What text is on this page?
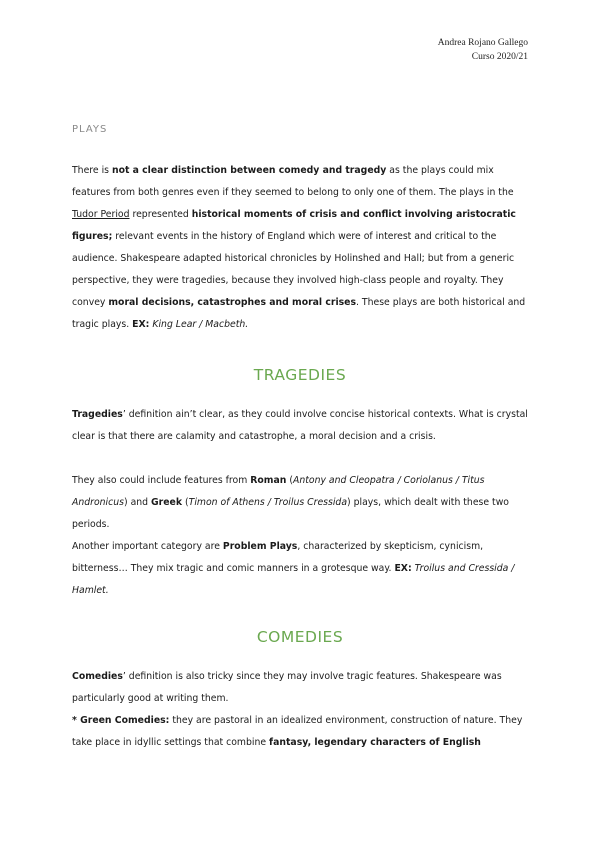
Andrea Rojano Gallego
Curso 2020/21
PLAYS
There is not a clear distinction between comedy and tragedy as the plays could mix features from both genres even if they seemed to belong to only one of them. The plays in the Tudor Period represented historical moments of crisis and conflict involving aristocratic figures; relevant events in the history of England which were of interest and critical to the audience. Shakespeare adapted historical chronicles by Holinshed and Hall; but from a generic perspective, they were tragedies, because they involved high-class people and royalty. They convey moral decisions, catastrophes and moral crises. These plays are both historical and tragic plays. EX: King Lear / Macbeth.
TRAGEDIES
Tragedies’ definition ain’t clear, as they could involve concise historical contexts. What is crystal clear is that there are calamity and catastrophe, a moral decision and a crisis.
They also could include features from Roman (Antony and Cleopatra / Coriolanus / Titus Andronicus) and Greek (Timon of Athens / Troilus Cressida) plays, which dealt with these two periods.
Another important category are Problem Plays, characterized by skepticism, cynicism, bitterness… They mix tragic and comic manners in a grotesque way. EX: Troilus and Cressida / Hamlet.
COMEDIES
Comedies’ definition is also tricky since they may involve tragic features. Shakespeare was particularly good at writing them.
* Green Comedies: they are pastoral in an idealized environment, construction of nature. They take place in idyllic settings that combine fantasy, legendary characters of English
